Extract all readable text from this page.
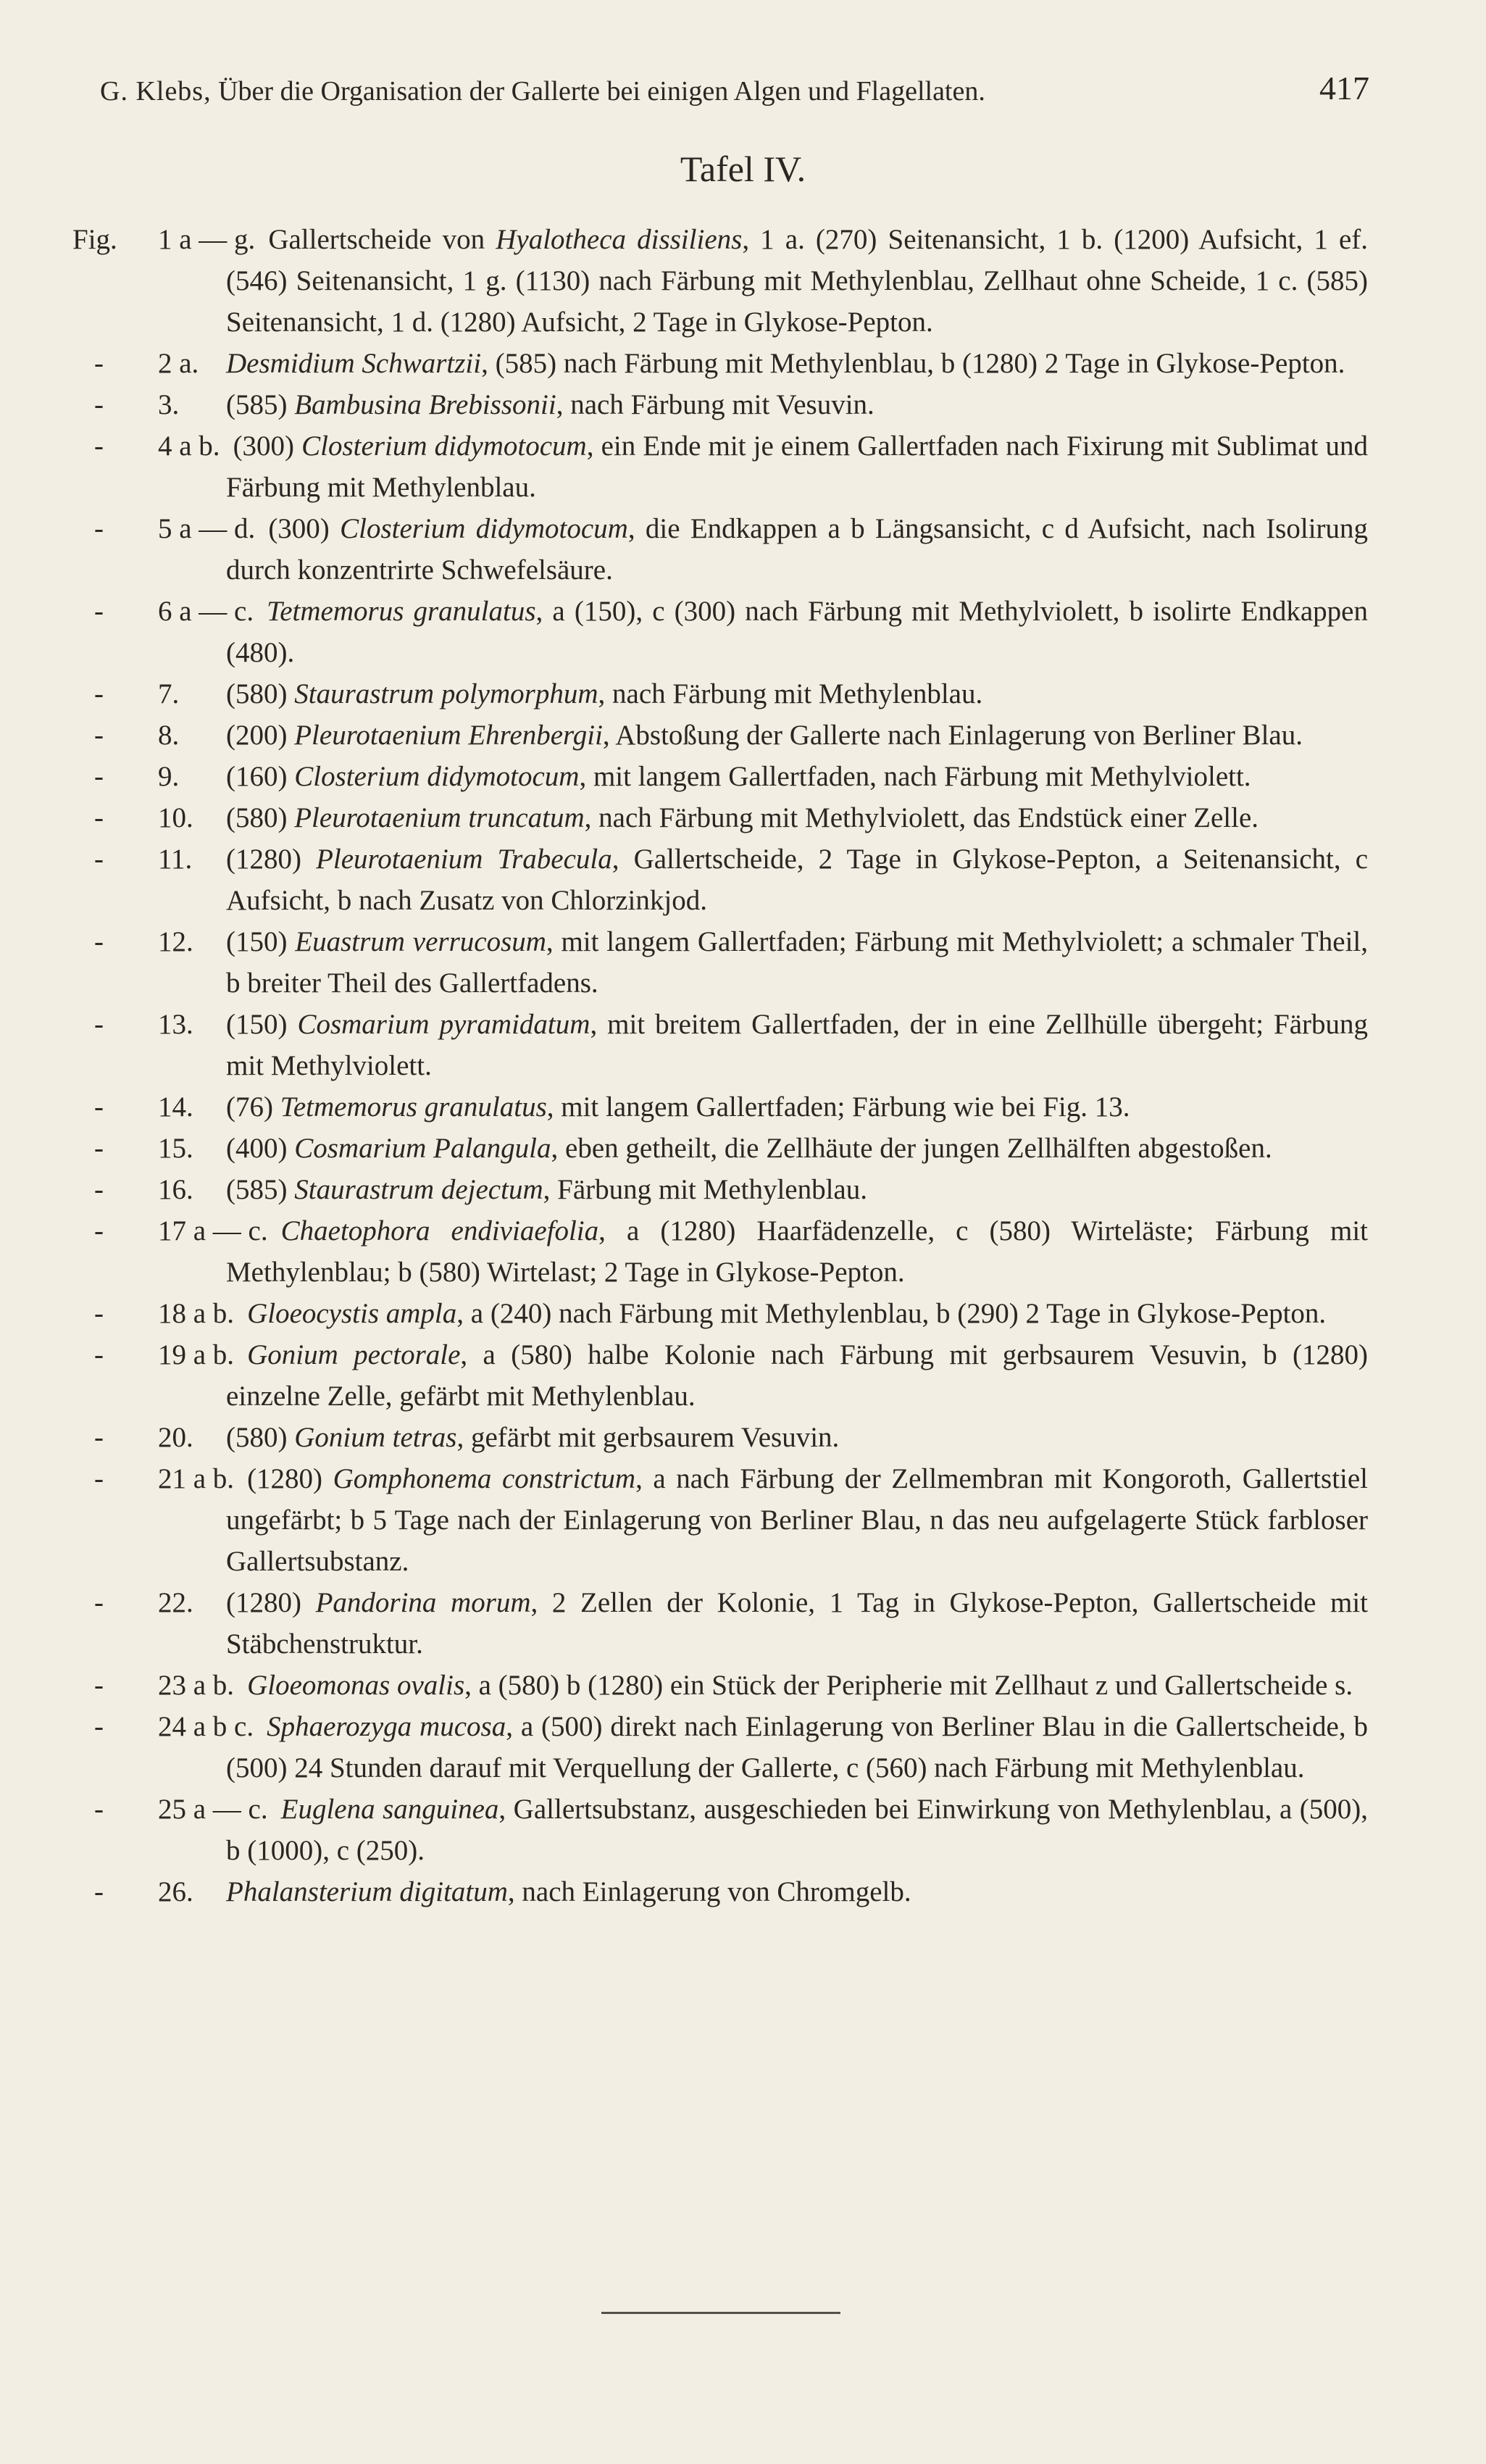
G. Klebs, Über die Organisation der Gallerte bei einigen Algen und Flagellaten.	417
Tafel IV.
Fig. 1 a — g. Gallertscheide von Hyalotheca dissiliens, 1 a. (270) Seitenansicht, 1 b. (1200) Aufsicht, 1 ef. (546) Seitenansicht, 1 g. (1130) nach Färbung mit Methylenblau, Zellhaut ohne Scheide, 1 c. (585) Seitenansicht, 1 d. (1280) Aufsicht, 2 Tage in Glykose-Pepton.
- 2 a. Desmidium Schwartzii, (585) nach Färbung mit Methylenblau, b (1280) 2 Tage in Glykose-Pepton.
- 3. (585) Bambusina Brebissonii, nach Färbung mit Vesuvin.
- 4 a b. (300) Closterium didymotocum, ein Ende mit je einem Gallertfaden nach Fixirung mit Sublimat und Färbung mit Methylenblau.
- 5 a — d. (300) Closterium didymotocum, die Endkappen a b Längsansicht, c d Aufsicht, nach Isolirung durch konzentrirte Schwefelsäure.
- 6 a — c. Tetmemorus granulatus, a (150), c (300) nach Färbung mit Methylviolett, b isolirte Endkappen (480).
- 7. (580) Staurastrum polymorphum, nach Färbung mit Methylenblau.
- 8. (200) Pleurotaenium Ehrenbergii, Abstoßung der Gallerte nach Einlagerung von Berliner Blau.
- 9. (160) Closterium didymotocum, mit langem Gallertfaden, nach Färbung mit Methylviolett.
- 10. (580) Pleurotaenium truncatum, nach Färbung mit Methylviolett, das Endstück einer Zelle.
- 11. (1280) Pleurotaenium Trabecula, Gallertscheide, 2 Tage in Glykose-Pepton, a Seitenansicht, c Aufsicht, b nach Zusatz von Chlorzinkjod.
- 12. (150) Euastrum verrucosum, mit langem Gallertfaden; Färbung mit Methylviolett; a schmaler Theil, b breiter Theil des Gallertfadens.
- 13. (150) Cosmarium pyramidatum, mit breitem Gallertfaden, der in eine Zellhülle übergeht; Färbung mit Methylviolett.
- 14. (76) Tetmemorus granulatus, mit langem Gallertfaden; Färbung wie bei Fig. 13.
- 15. (400) Cosmarium Palangula, eben getheilt, die Zellhäute der jungen Zellhälften abgestoßen.
- 16. (585) Staurastrum dejectum, Färbung mit Methylenblau.
- 17 a — c. Chaetophora endiviaefolia, a (1280) Haarfädenzelle, c (580) Wirteläste; Färbung mit Methylenblau; b (580) Wirtelast; 2 Tage in Glykose-Pepton.
- 18 a b. Gloeocystis ampla, a (240) nach Färbung mit Methylenblau, b (290) 2 Tage in Glykose-Pepton.
- 19 a b. Gonium pectorale, a (580) halbe Kolonie nach Färbung mit gerbsaurem Vesuvin, b (1280) einzelne Zelle, gefärbt mit Methylenblau.
- 20. (580) Gonium tetras, gefärbt mit gerbsaurem Vesuvin.
- 21 a b. (1280) Gomphonema constrictum, a nach Färbung der Zellmembran mit Kongoroth, Gallertstiel ungefärbt; b 5 Tage nach der Einlagerung von Berliner Blau, n das neu aufgelagerte Stück farbloser Gallertsubstanz.
- 22. (1280) Pandorina morum, 2 Zellen der Kolonie, 1 Tag in Glykose-Pepton, Gallertscheide mit Stäbchenstruktur.
- 23 a b. Gloeomonas ovalis, a (580) b (1280) ein Stück der Peripherie mit Zellhaut z und Gallertscheide s.
- 24 a b c. Sphaerozyga mucosa, a (500) direkt nach Einlagerung von Berliner Blau in die Gallertscheide, b (500) 24 Stunden darauf mit Verquellung der Gallerte, c (560) nach Färbung mit Methylenblau.
- 25 a — c. Euglena sanguinea, Gallertsubstanz, ausgeschieden bei Einwirkung von Methylenblau, a (500), b (1000), c (250).
- 26. Phalansterium digitatum, nach Einlagerung von Chromgelb.
